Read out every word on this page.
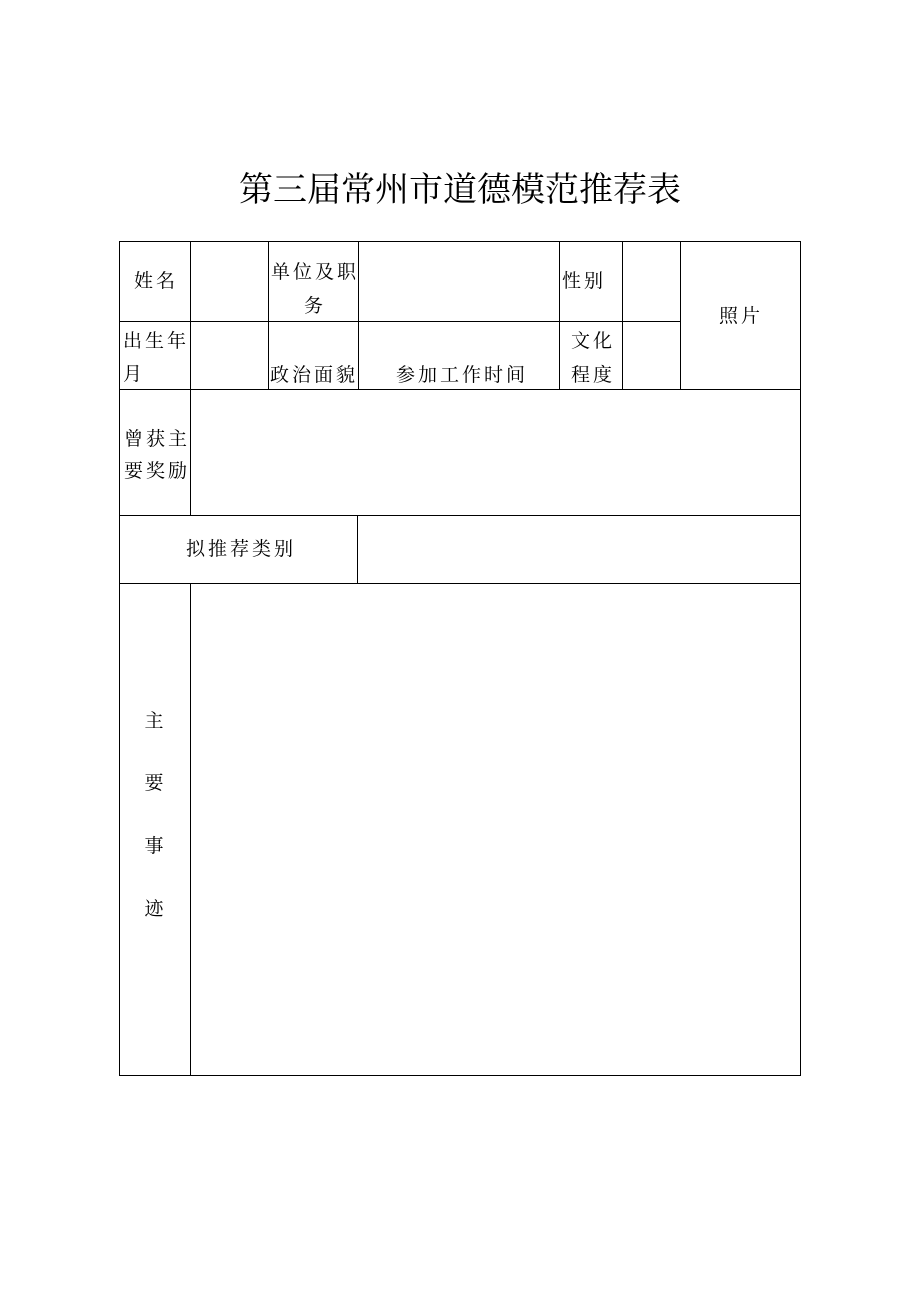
第三届常州市道德模范推荐表
姓名	单位及职
务
性别
照片
出生年
月	政治面貌 参加工作时间
文化
程度
曾获主
要奖励
拟推荐类别
主
要
事
迹
